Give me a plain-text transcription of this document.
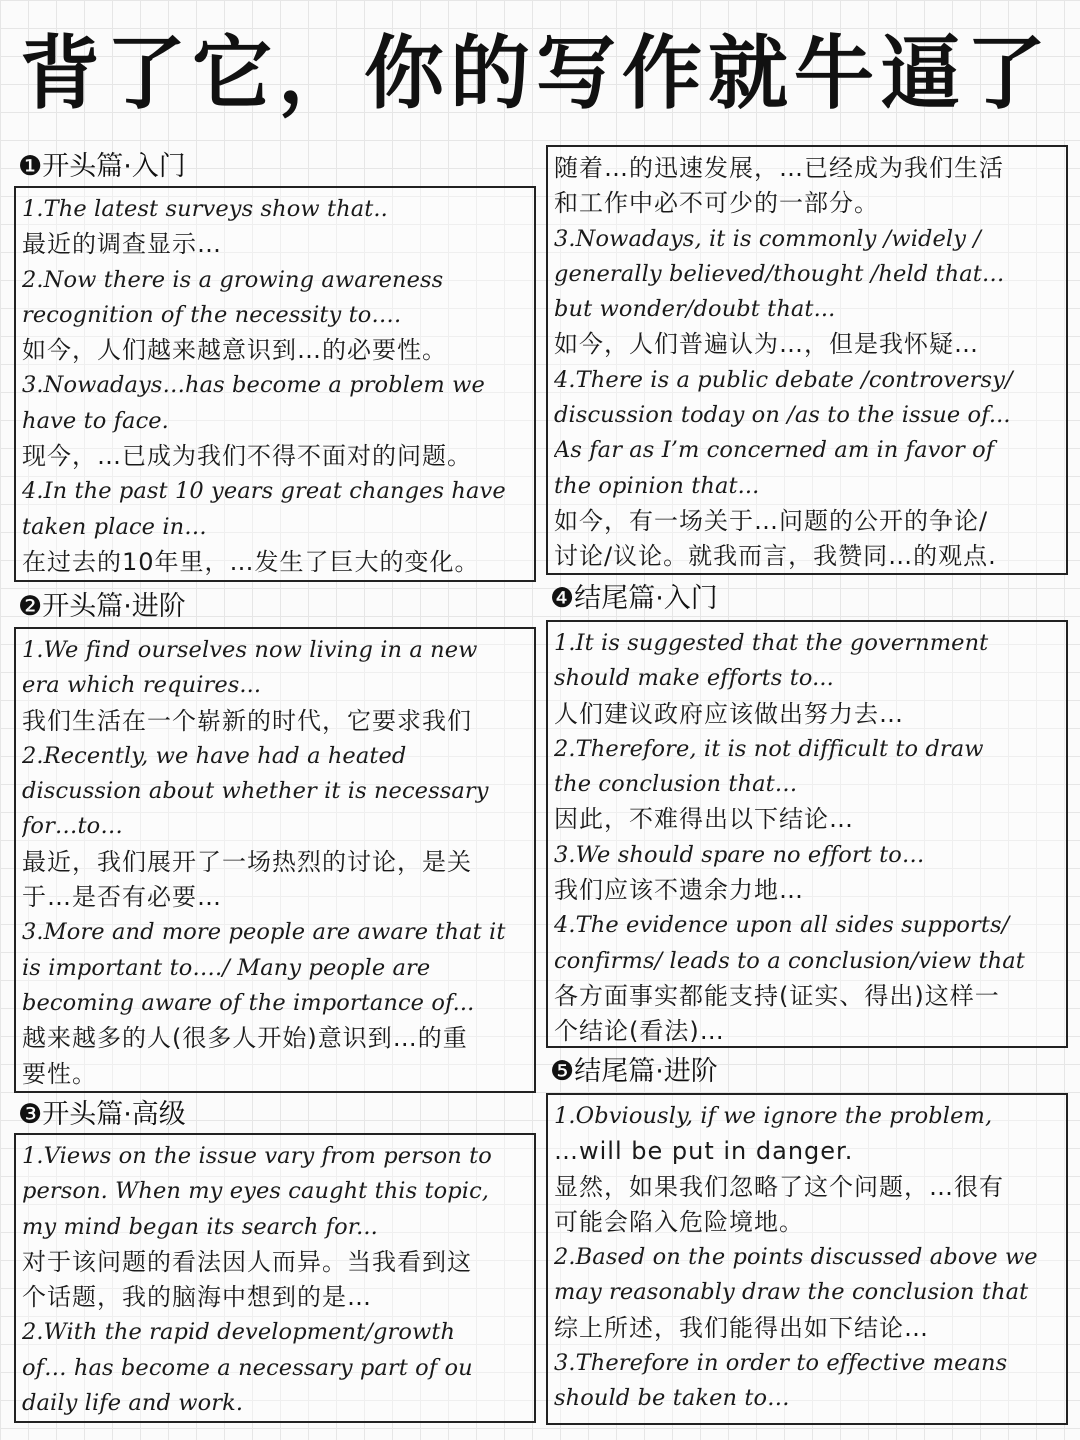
背了它，你的写作就牛逼了
❶开头篇·入门
1.The latest surveys show that..
最近的调查显示…
2.Now there is a growing awareness
recognition of the necessity to….
如今，人们越来越意识到…的必要性。
3.Nowadays…has become a problem we
have to face.
现今，…已成为我们不得不面对的问题。
4.In the past 10 years great changes have
taken place in…
在过去的10年里，…发生了巨大的变化。
❷开头篇·进阶
1.We find ourselves now living in a new
era which requires...
我们生活在一个崭新的时代，它要求我们
2.Recently, we have had a heated
discussion about whether it is necessary
for…to…
最近，我们展开了一场热烈的讨论，是关
于…是否有必要…
3.More and more people are aware that it
is important to…./ Many people are
becoming aware of the importance of...
越来越多的人(很多人开始)意识到…的重
要性。
❸开头篇·高级
1.Views on the issue vary from person to
person. When my eyes caught this topic,
my mind began its search for...
对于该问题的看法因人而异。当我看到这
个话题，我的脑海中想到的是…
2.With the rapid development/growth
of… has become a necessary part of ou
daily life and work.
随着…的迅速发展，…已经成为我们生活
和工作中必不可少的一部分。
3.Nowadays, it is commonly /widely /
generally believed/thought /held that…
but wonder/doubt that...
如今，人们普遍认为…，但是我怀疑…
4.There is a public debate /controversy/
discussion today on /as to the issue of...
As far as I’m concerned am in favor of
the opinion that...
如今，有一场关于…问题的公开的争论/
讨论/议论。就我而言，我赞同…的观点.
❹结尾篇·入门
1.It is suggested that the government
should make efforts to...
人们建议政府应该做出努力去…
2.Therefore, it is not difficult to draw
the conclusion that…
因此，不难得出以下结论…
3.We should spare no effort to…
我们应该不遗余力地…
4.The evidence upon all sides supports/
confirms/ leads to a conclusion/view that
各方面事实都能支持(证实、得出)这样一
个结论(看法)…
❺结尾篇·进阶
1.Obviously, if we ignore the problem,
…will be put in danger.
显然，如果我们忽略了这个问题，…很有
可能会陷入危险境地。
2.Based on the points discussed above we
may reasonably draw the conclusion that
综上所述，我们能得出如下结论…
3.Therefore in order to effective means
should be taken to…
